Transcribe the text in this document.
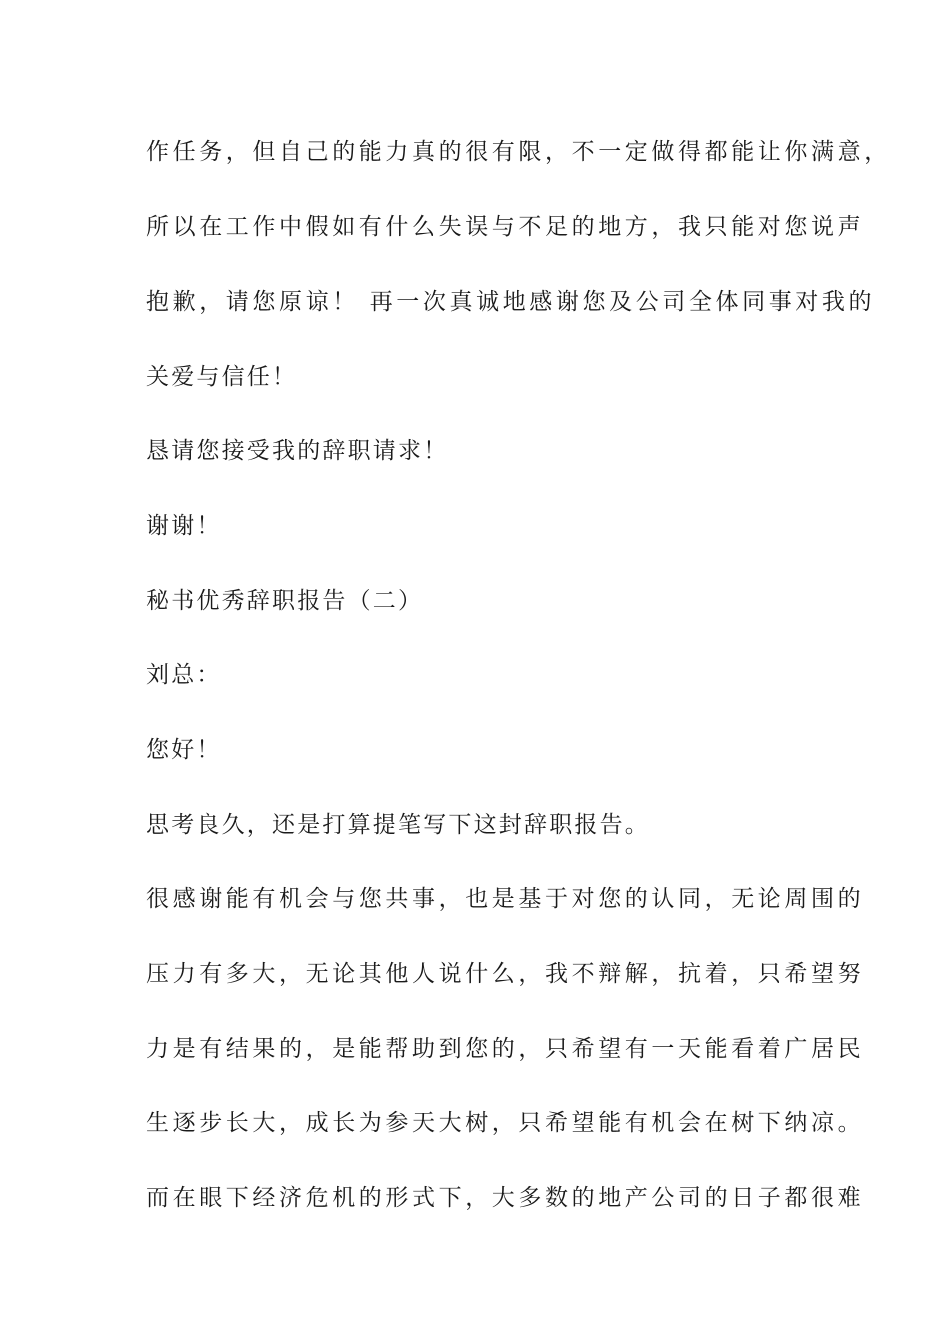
作任务，但自己的能力真的很有限，不一定做得都能让你满意，
所以在工作中假如有什么失误与不足的地方，我只能对您说声
抱歉，请您原谅！ 再一次真诚地感谢您及公司全体同事对我的
关爱与信任！
恳请您接受我的辞职请求！
谢谢！
秘书优秀辞职报告（二）
刘总：
您好！
思考良久，还是打算提笔写下这封辞职报告。
很感谢能有机会与您共事，也是基于对您的认同，无论周围的
压力有多大，无论其他人说什么，我不辩解，抗着，只希望努
力是有结果的，是能帮助到您的，只希望有一天能看着广居民
生逐步长大，成长为参天大树，只希望能有机会在树下纳凉。
而在眼下经济危机的形式下，大多数的地产公司的日子都很难
